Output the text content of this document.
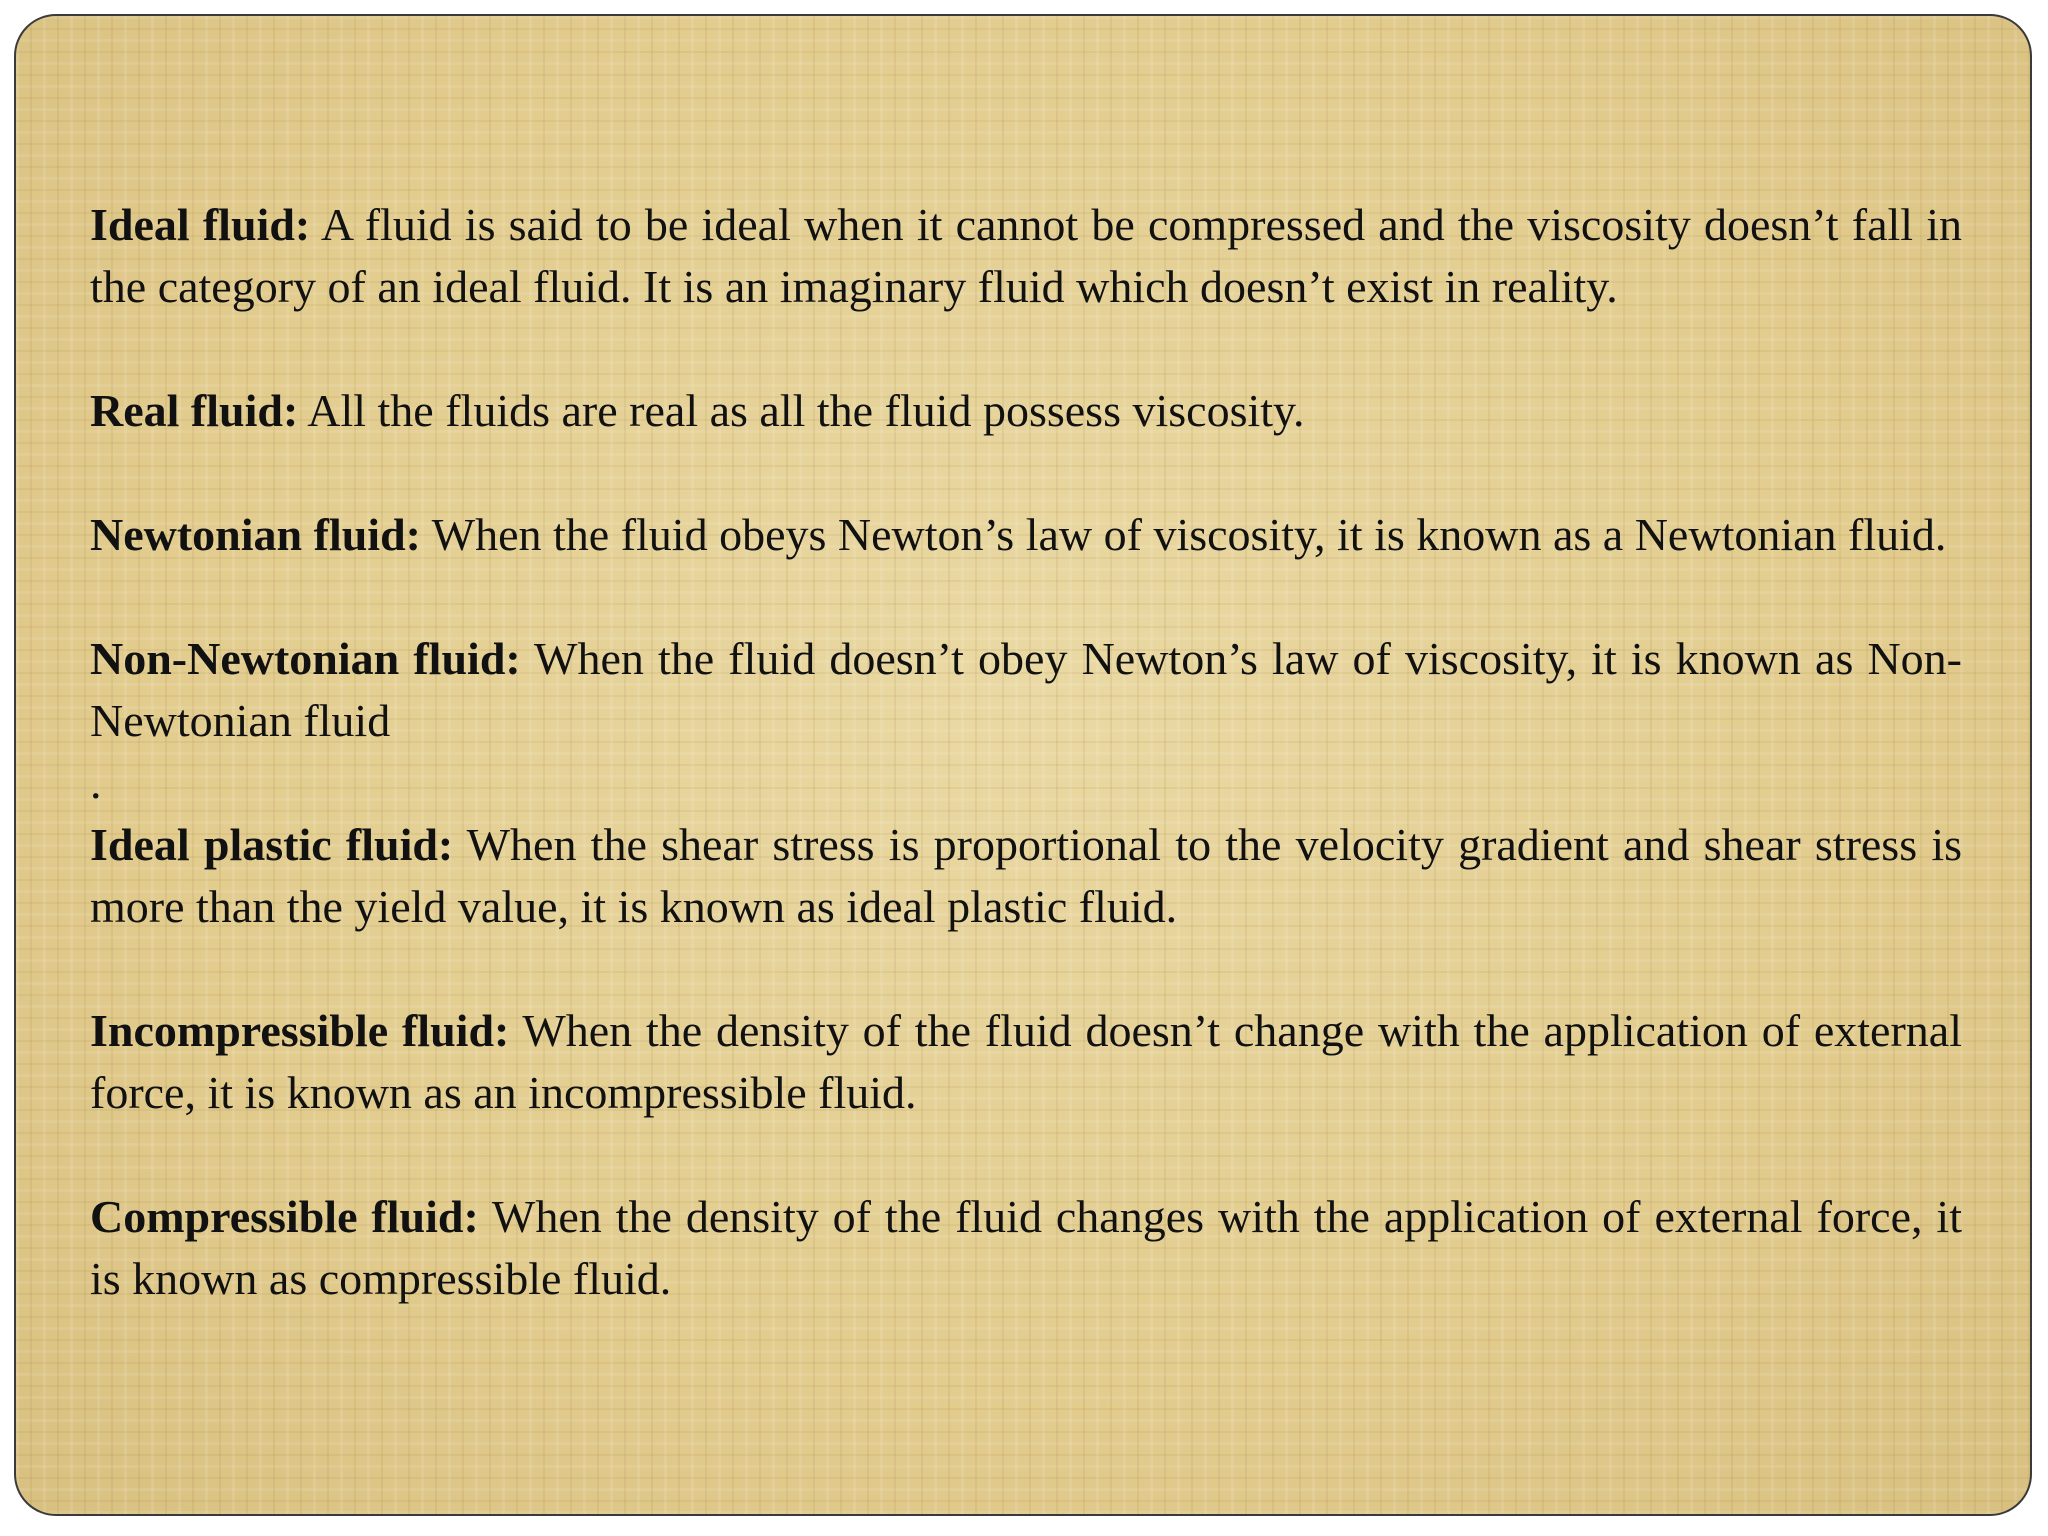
Ideal fluid: A fluid is said to be ideal when it cannot be compressed and the viscosity doesn’t fall in the category of an ideal fluid. It is an imaginary fluid which doesn’t exist in reality.

Real fluid: All the fluids are real as all the fluid possess viscosity.

Newtonian fluid: When the fluid obeys Newton’s law of viscosity, it is known as a Newtonian fluid.

Non-Newtonian fluid: When the fluid doesn’t obey Newton’s law of viscosity, it is known as Non-Newtonian fluid

.

Ideal plastic fluid: When the shear stress is proportional to the velocity gradient and shear stress is more than the yield value, it is known as ideal plastic fluid.

Incompressible fluid: When the density of the fluid doesn’t change with the application of external force, it is known as an incompressible fluid.

Compressible fluid: When the density of the fluid changes with the application of external force, it is known as compressible fluid.
